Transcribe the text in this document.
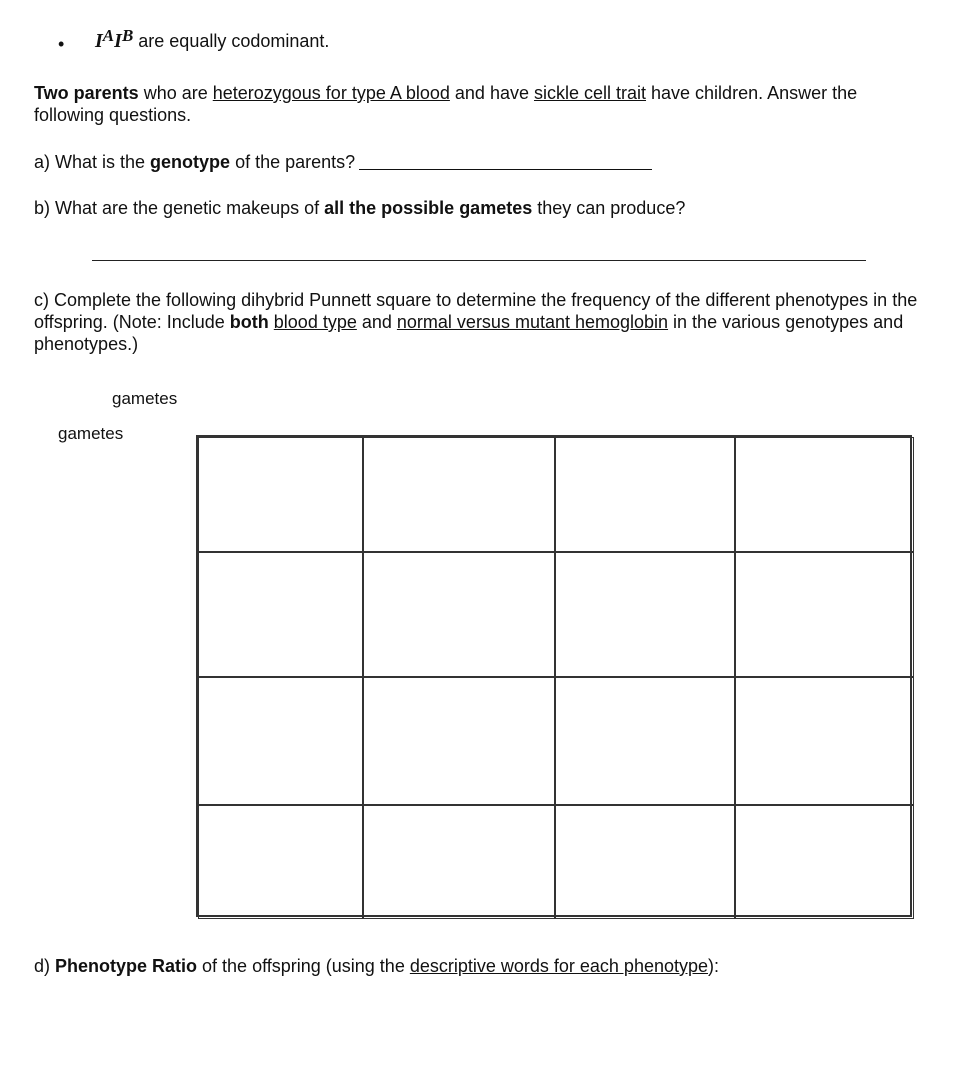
• $I^AI^B$ are equally codominant.
Two parents who are heterozygous for type A blood and have sickle cell trait have children. Answer the following questions.
a) What is the genotype of the parents?
b) What are the genetic makeups of all the possible gametes they can produce?
c) Complete the following dihybrid Punnett square to determine the frequency of the different phenotypes in the offspring. (Note: Include both blood type and normal versus mutant hemoglobin in the various genotypes and phenotypes.)
gametes
gametes
d) Phenotype Ratio of the offspring (using the descriptive words for each phenotype):
